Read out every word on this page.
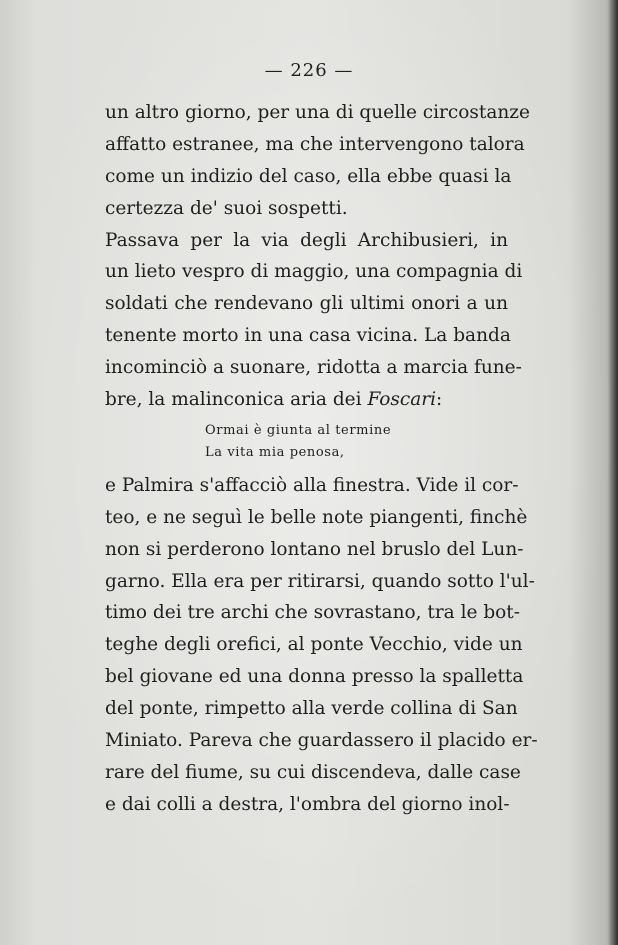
— 226 —
un altro giorno, per una di quelle circostanze
affatto estranee, ma che intervengono talora
come un indizio del caso, ella ebbe quasi la
certezza de' suoi sospetti.
Passava per la via degli Archibusieri, in
un lieto vespro di maggio, una compagnia di
soldati che rendevano gli ultimi onori a un
tenente morto in una casa vicina. La banda
incominciò a suonare, ridotta a marcia fune-
bre, la malinconica aria dei Foscari:
Ormai è giunta al termine
La vita mia penosa,
e Palmira s'affacciò alla finestra. Vide il cor-
teo, e ne seguì le belle note piangenti, finchè
non si perderono lontano nel bruslo del Lun-
garno. Ella era per ritirarsi, quando sotto l'ul-
timo dei tre archi che sovrastano, tra le bot-
teghe degli orefici, al ponte Vecchio, vide un
bel giovane ed una donna presso la spalletta
del ponte, rimpetto alla verde collina di San
Miniato. Pareva che guardassero il placido er-
rare del fiume, su cui discendeva, dalle case
e dai colli a destra, l'ombra del giorno inol-
